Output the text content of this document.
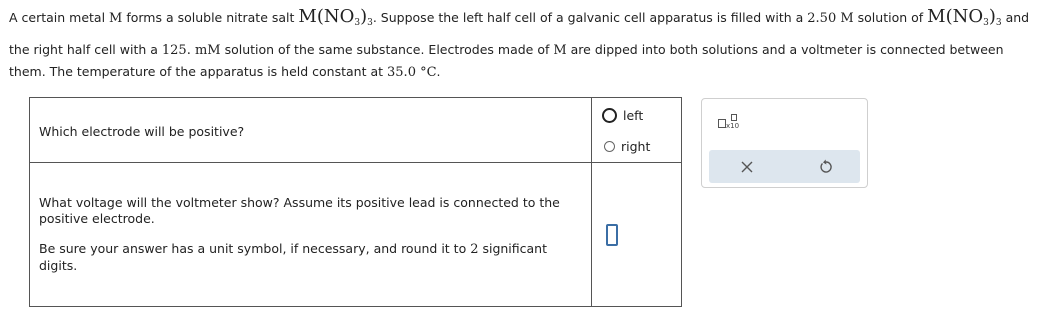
A certain metal M forms a soluble nitrate salt $M(NO_3)_3$. Suppose the left half cell of a galvanic cell apparatus is filled with a 2.50 M solution of $M(NO_3)_3$ and
the right half cell with a 125. mM solution of the same substance. Electrodes made of M are dipped into both solutions and a voltmeter is connected between
them. The temperature of the apparatus is held constant at 35.0 °C.
Which electrode will be positive?
left
right

What voltage will the voltmeter show? Assume its positive lead is connected to the positive electrode.

Be sure your answer has a unit symbol, if necessary, and round it to 2 significant digits.

x10
